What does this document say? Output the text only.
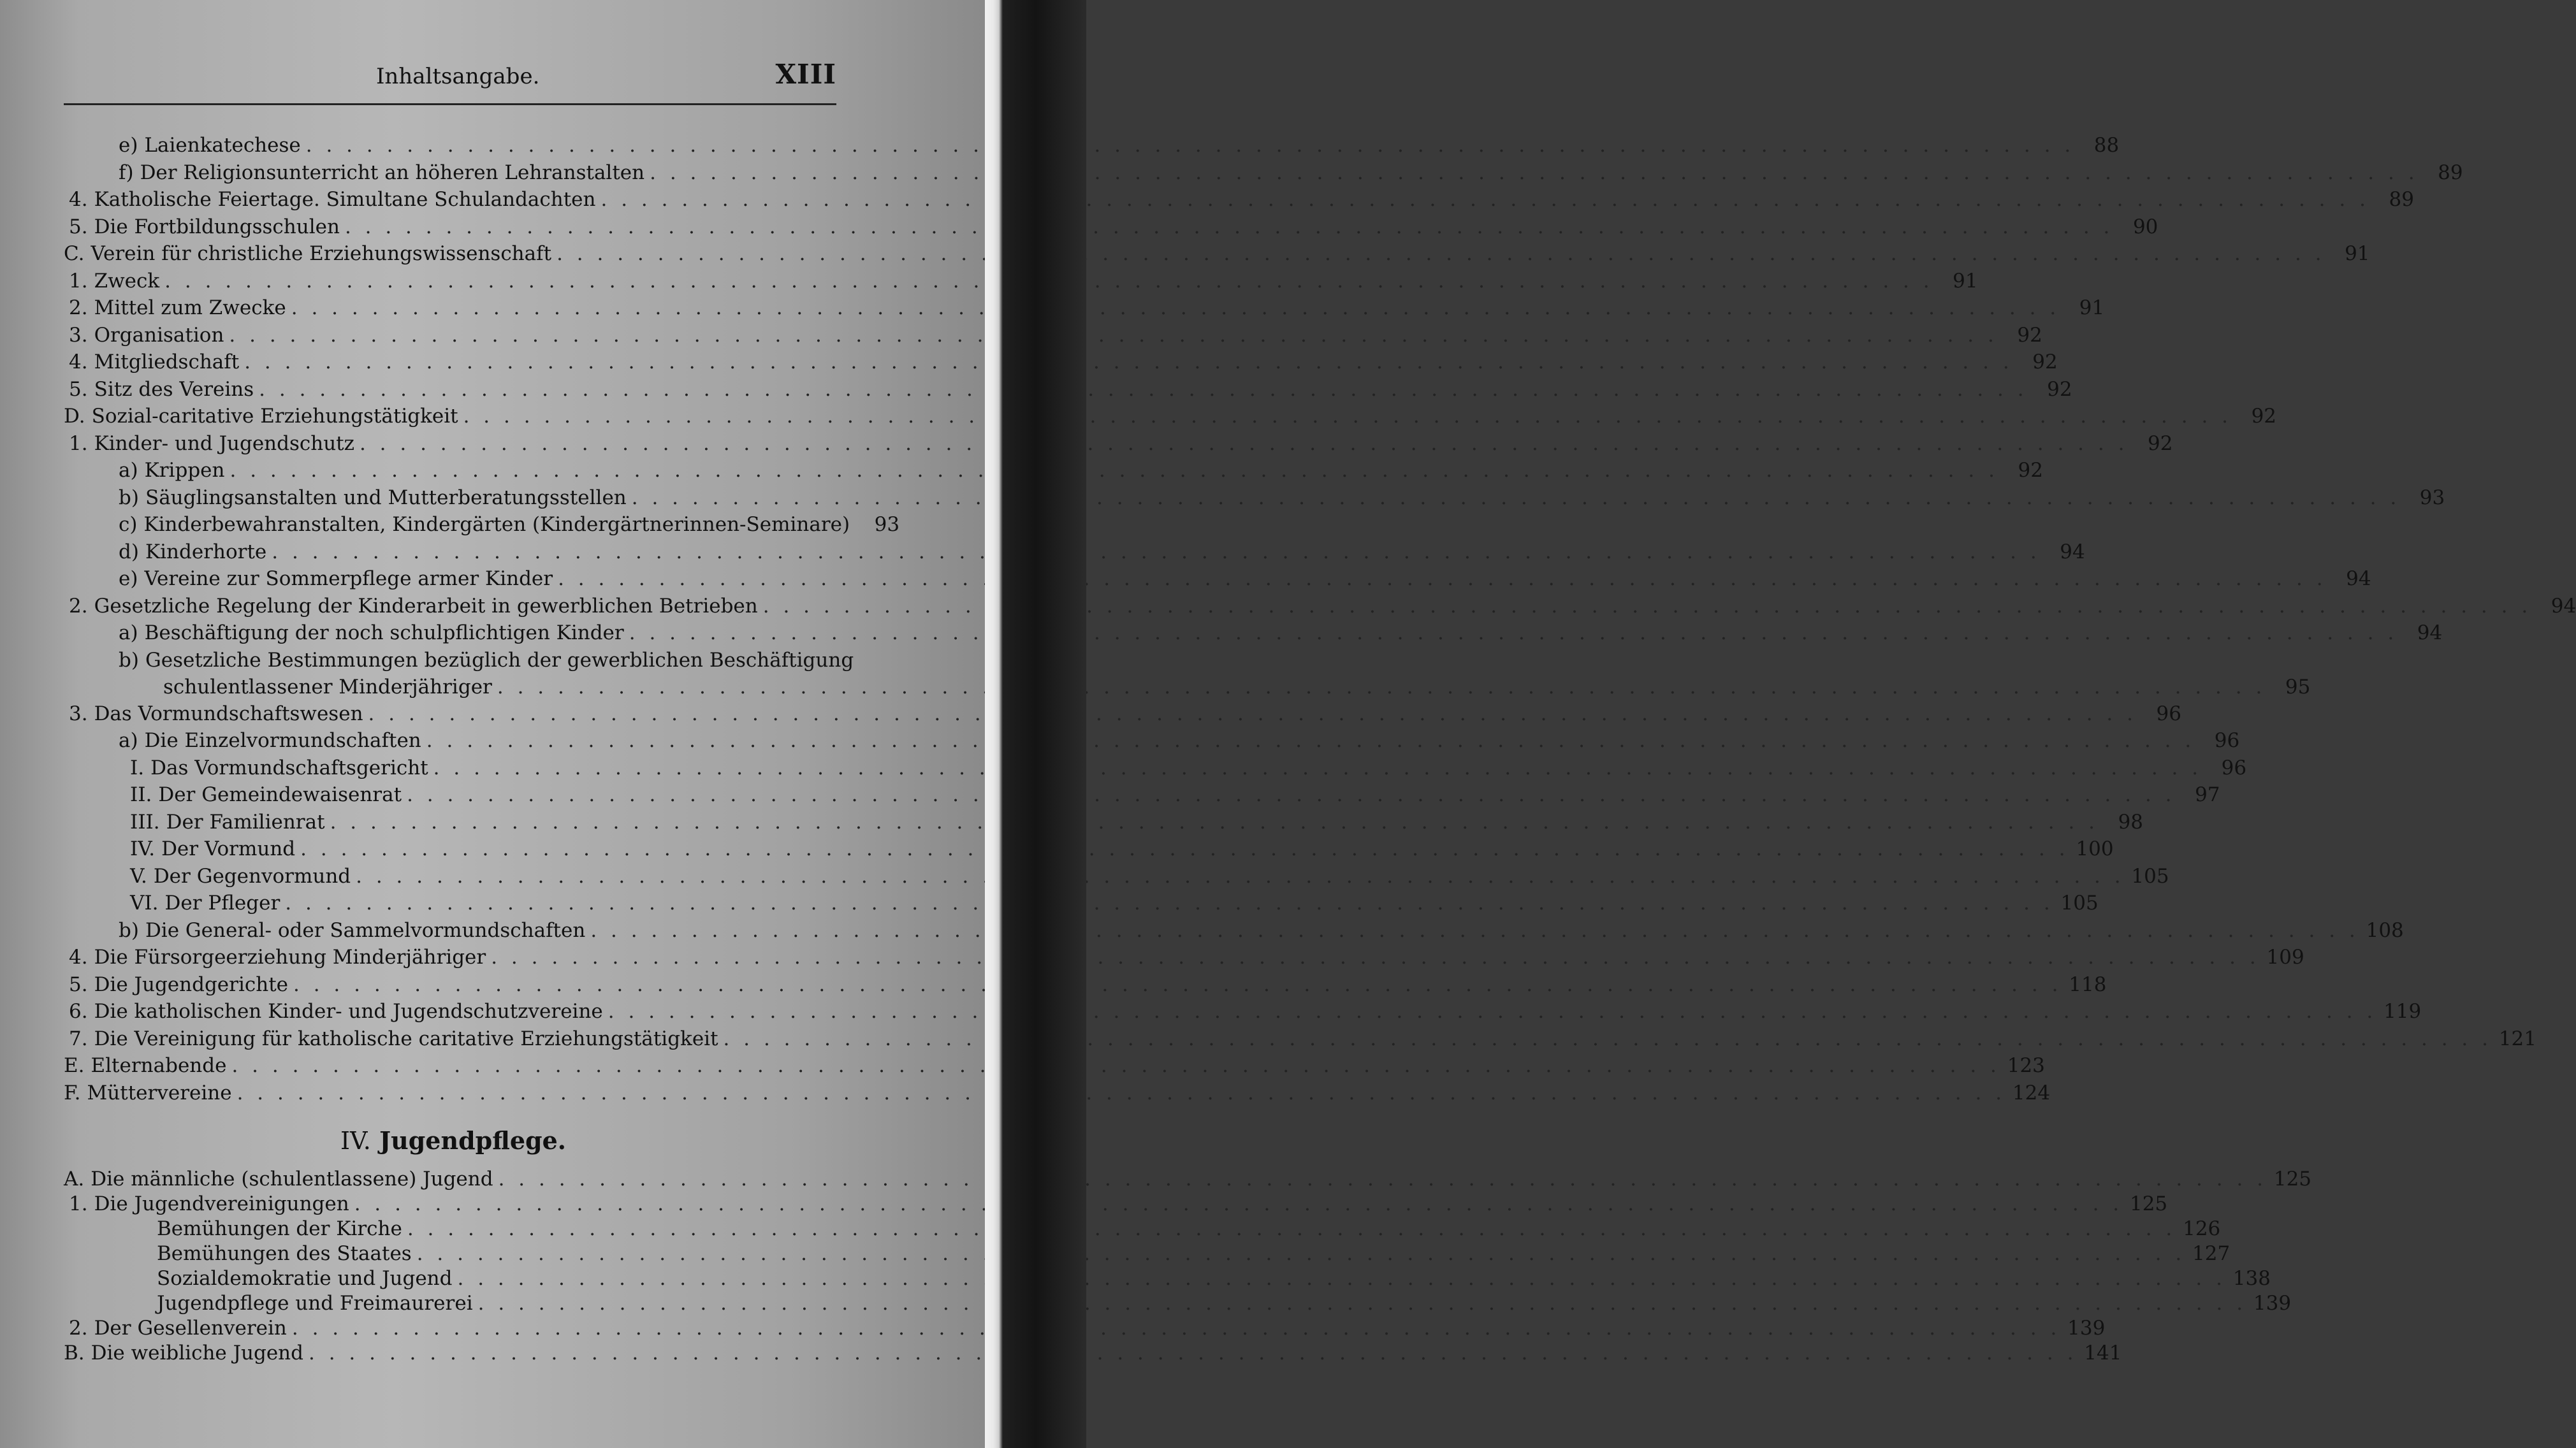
Inhaltsangabe.	XIII
e) Laienkatechese . . .	88
f) Der Religionsunterricht an höheren Lehranstalten . . .	89
4. Katholische Feiertage. Simultane Schulandachten . . .	89
5. Die Fortbildungsschulen . . .	90
C. Verein für christliche Erziehungswissenschaft . . .	91
1. Zweck . . .	91
2. Mittel zum Zwecke . . .	91
3. Organisation . . .	92
4. Mitgliedschaft . . .	92
5. Sitz des Vereins . . .	92
D. Sozial-caritative Erziehungstätigkeit . . .	92
1. Kinder- und Jugendschutz . . .	92
a) Krippen . . .	92
b) Säuglingsanstalten und Mutterberatungsstellen . . .	93
c) Kinderbewahranstalten, Kindergärten (Kindergärtnerinnen-Seminare)	93
d) Kinderhorte . . .	94
e) Vereine zur Sommerpflege armer Kinder . . .	94
2. Gesetzliche Regelung der Kinderarbeit in gewerblichen Betrieben . . .	94
a) Beschäftigung der noch schulpflichtigen Kinder . . .	94
b) Gesetzliche Bestimmungen bezüglich der gewerblichen Beschäftigung
schulentlassener Minderjähriger . . .	95
3. Das Vormundschaftswesen . . .	96
a) Die Einzelvormundschaften . . .	96
I. Das Vormundschaftsgericht . . .	96
II. Der Gemeindewaisenrat . . .	97
III. Der Familienrat . . .	98
IV. Der Vormund . . .	100
V. Der Gegenvormund . . .	105
VI. Der Pfleger . . .	105
b) Die General- oder Sammelvormundschaften . . .	108
4. Die Fürsorgeerziehung Minderjähriger . . .	109
5. Die Jugendgerichte . . .	118
6. Die katholischen Kinder- und Jugendschutzvereine . . .	119
7. Die Vereinigung für katholische caritative Erziehungstätigkeit . . .	121
E. Elternabende . . .	123
F. Müttervereine . . .	124
IV. Jugendpflege.
A. Die männliche (schulentlassene) Jugend . . .	125
1. Die Jugendvereinigungen . . .	125
Bemühungen der Kirche . . .	126
Bemühungen des Staates . . .	127
Sozialdemokratie und Jugend . . .	138
Jugendpflege und Freimaurerei . . .	139
2. Der Gesellenverein . . .	139
B. Die weibliche Jugend . . .	141
